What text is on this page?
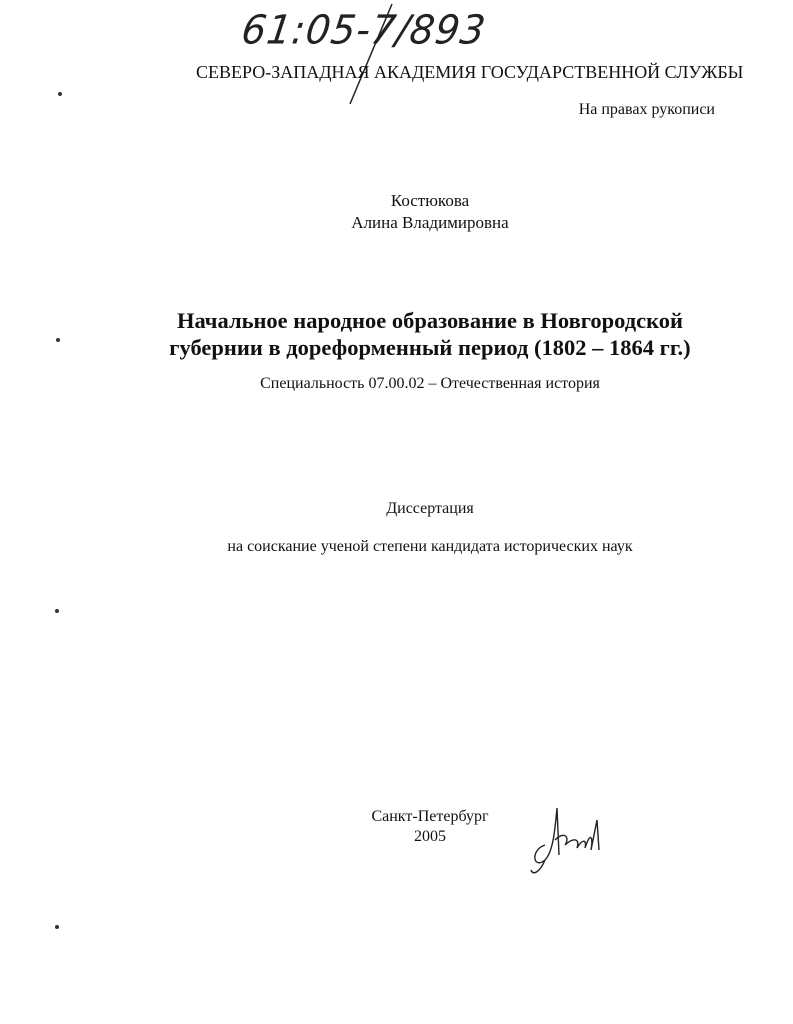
61:05-7/893
СЕВЕРО-ЗАПАДНАЯ АКАДЕМИЯ ГОСУДАРСТВЕННОЙ СЛУЖБЫ
На правах рукописи
Костюкова
Алина Владимировна
Начальное народное образование в Новгородской
губернии в дореформенный период (1802 – 1864 гг.)
Специальность 07.00.02 – Отечественная история
Диссертация
на соискание ученой степени кандидата исторических наук
Санкт-Петербург
2005
